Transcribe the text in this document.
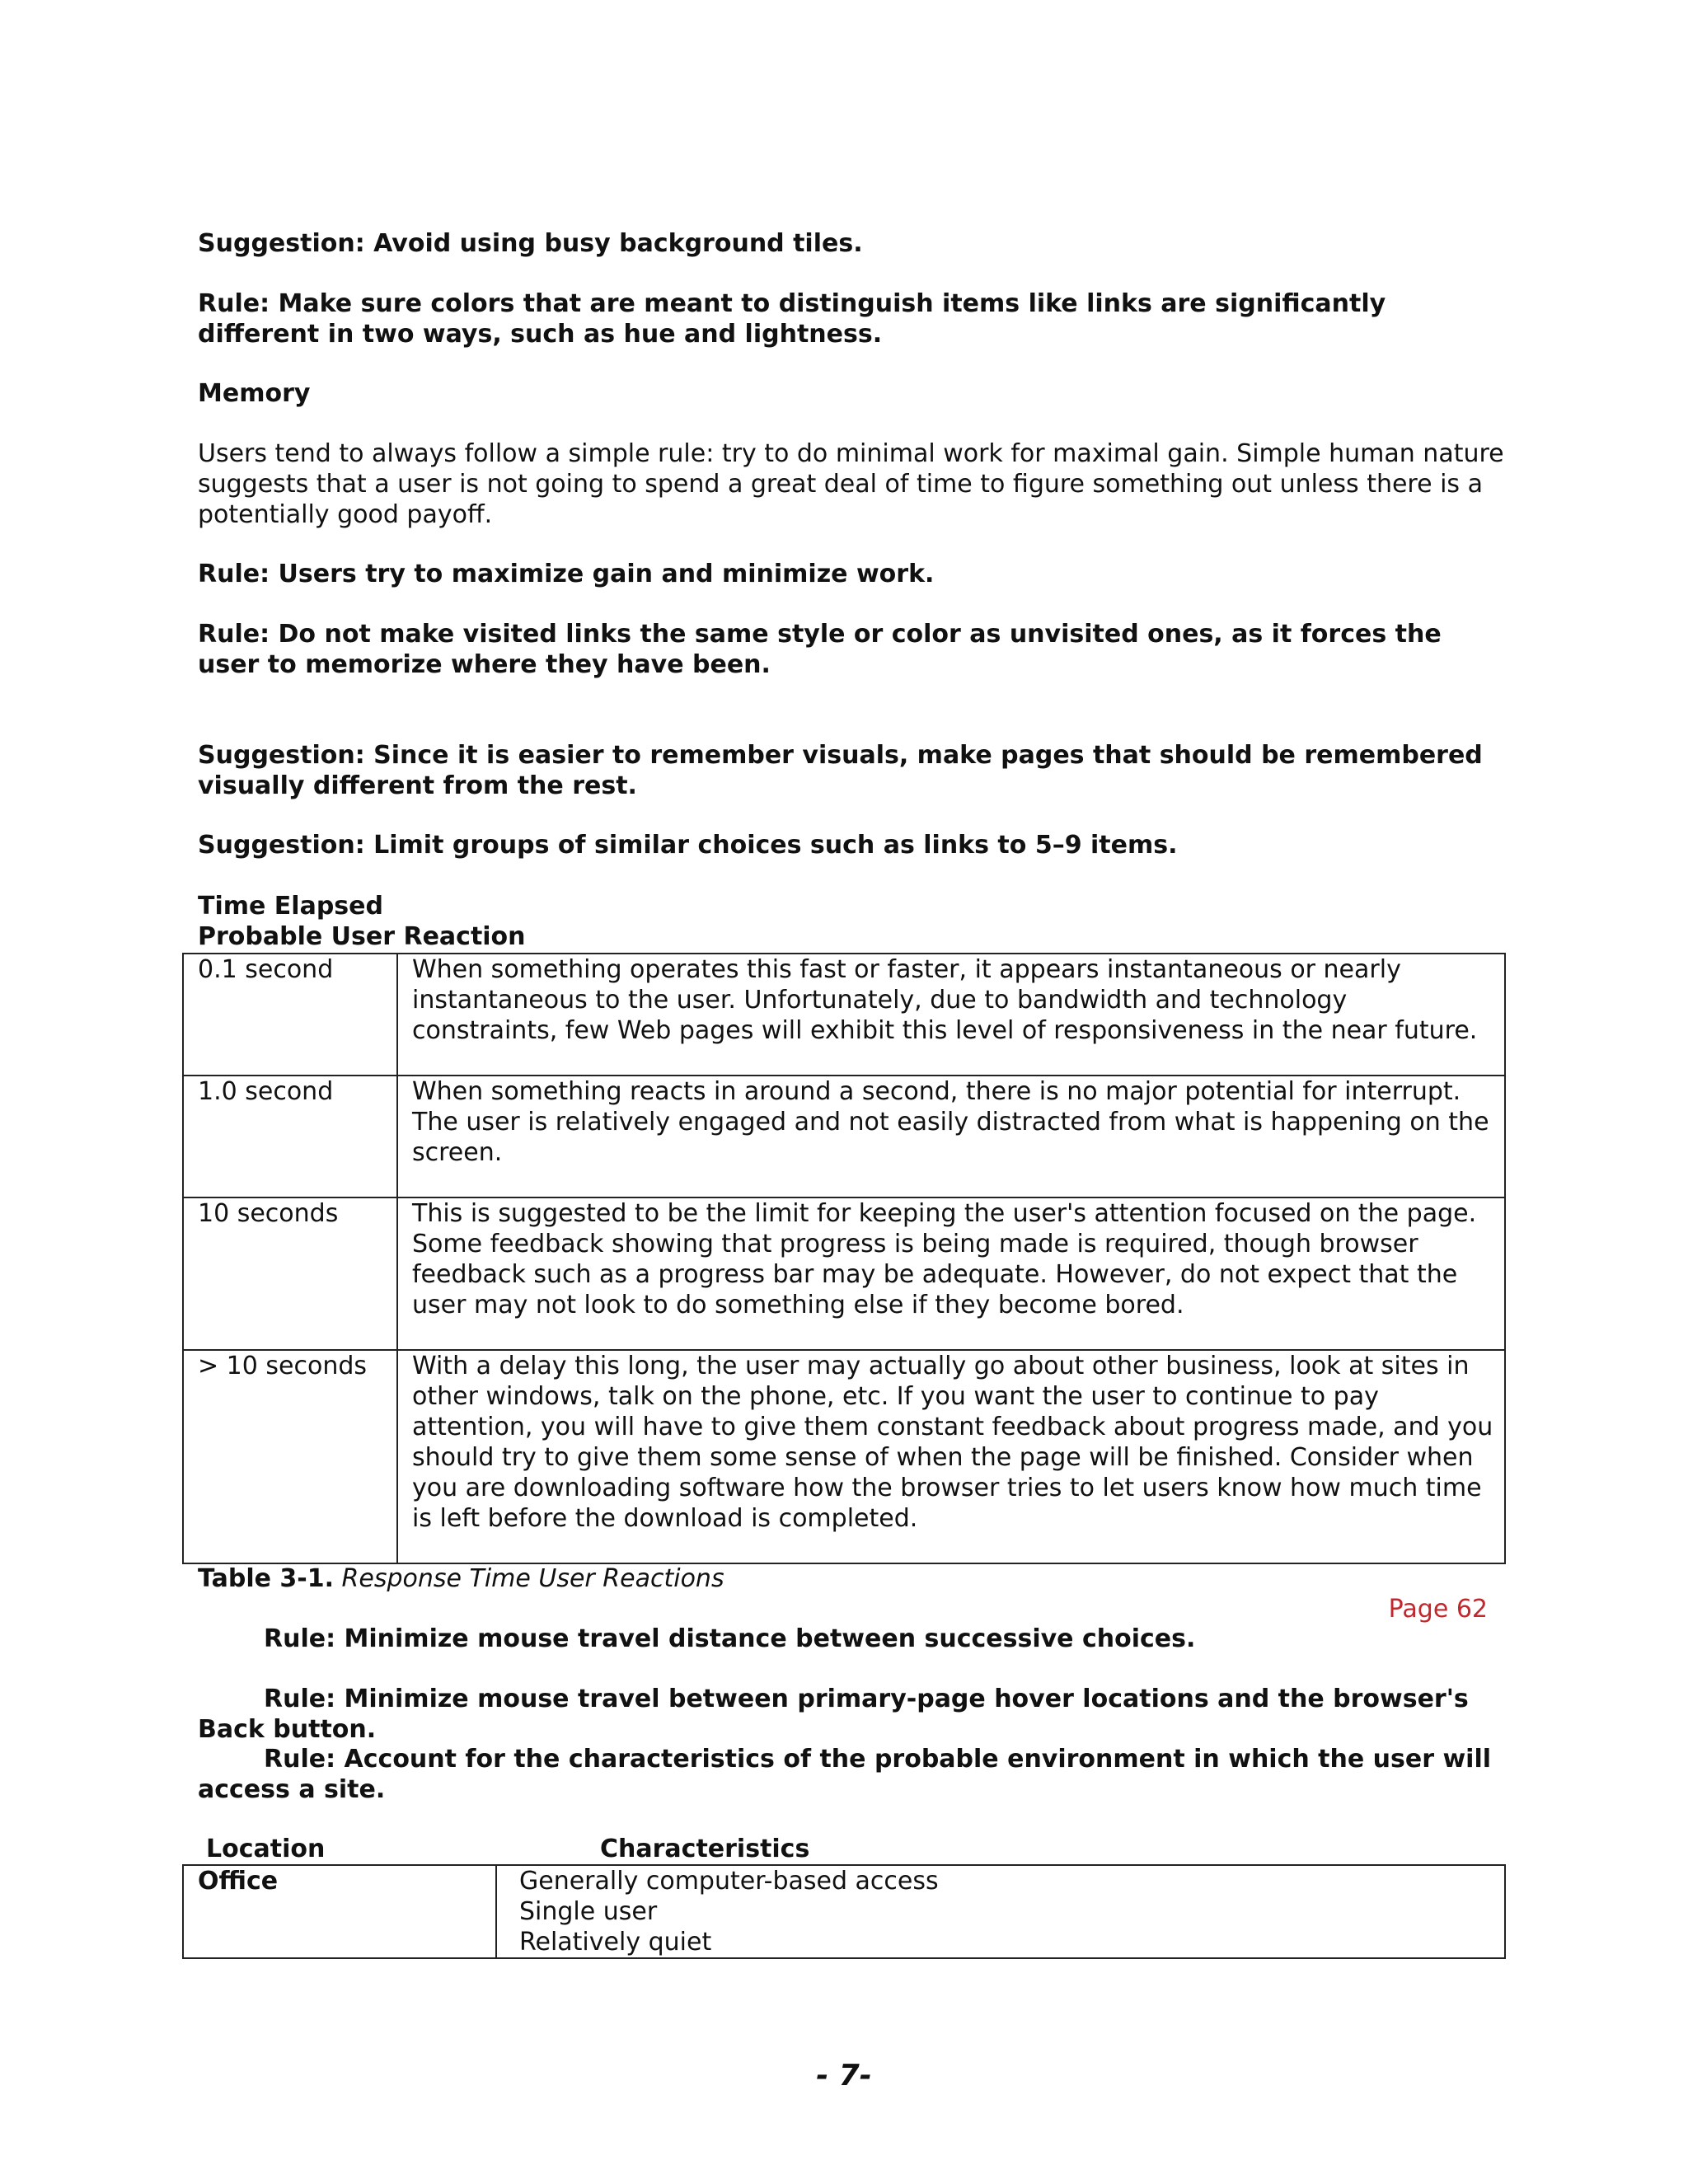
Suggestion: Avoid using busy background tiles.

Rule: Make sure colors that are meant to distinguish items like links are significantly different in two ways, such as hue and lightness.

Memory

Users tend to always follow a simple rule: try to do minimal work for maximal gain. Simple human nature suggests that a user is not going to spend a great deal of time to figure something out unless there is a potentially good payoff.

Rule: Users try to maximize gain and minimize work.

Rule: Do not make visited links the same style or color as unvisited ones, as it forces the user to memorize where they have been.

Suggestion: Since it is easier to remember visuals, make pages that should be remembered visually different from the rest.

Suggestion: Limit groups of similar choices such as links to 5–9 items.

Time Elapsed
Probable User Reaction
0.1 second	When something operates this fast or faster, it appears instantaneous or nearly instantaneous to the user. Unfortunately, due to bandwidth and technology constraints, few Web pages will exhibit this level of responsiveness in the near future.
1.0 second	When something reacts in around a second, there is no major potential for interrupt. The user is relatively engaged and not easily distracted from what is happening on the screen.
10 seconds	This is suggested to be the limit for keeping the user's attention focused on the page. Some feedback showing that progress is being made is required, though browser feedback such as a progress bar may be adequate. However, do not expect that the user may not look to do something else if they become bored.
> 10 seconds	With a delay this long, the user may actually go about other business, look at sites in other windows, talk on the phone, etc. If you want the user to continue to pay attention, you will have to give them constant feedback about progress made, and you should try to give them some sense of when the page will be finished. Consider when you are downloading software how the browser tries to let users know how much time is left before the download is completed.

Table 3-1. Response Time User Reactions

Page 62

Rule: Minimize mouse travel distance between successive choices.

Rule: Minimize mouse travel between primary-page hover locations and the browser's Back button.

Rule: Account for the characteristics of the probable environment in which the user will access a site.

Location	Characteristics
Office	Generally computer-based access
Single user
Relatively quiet
- 7-
